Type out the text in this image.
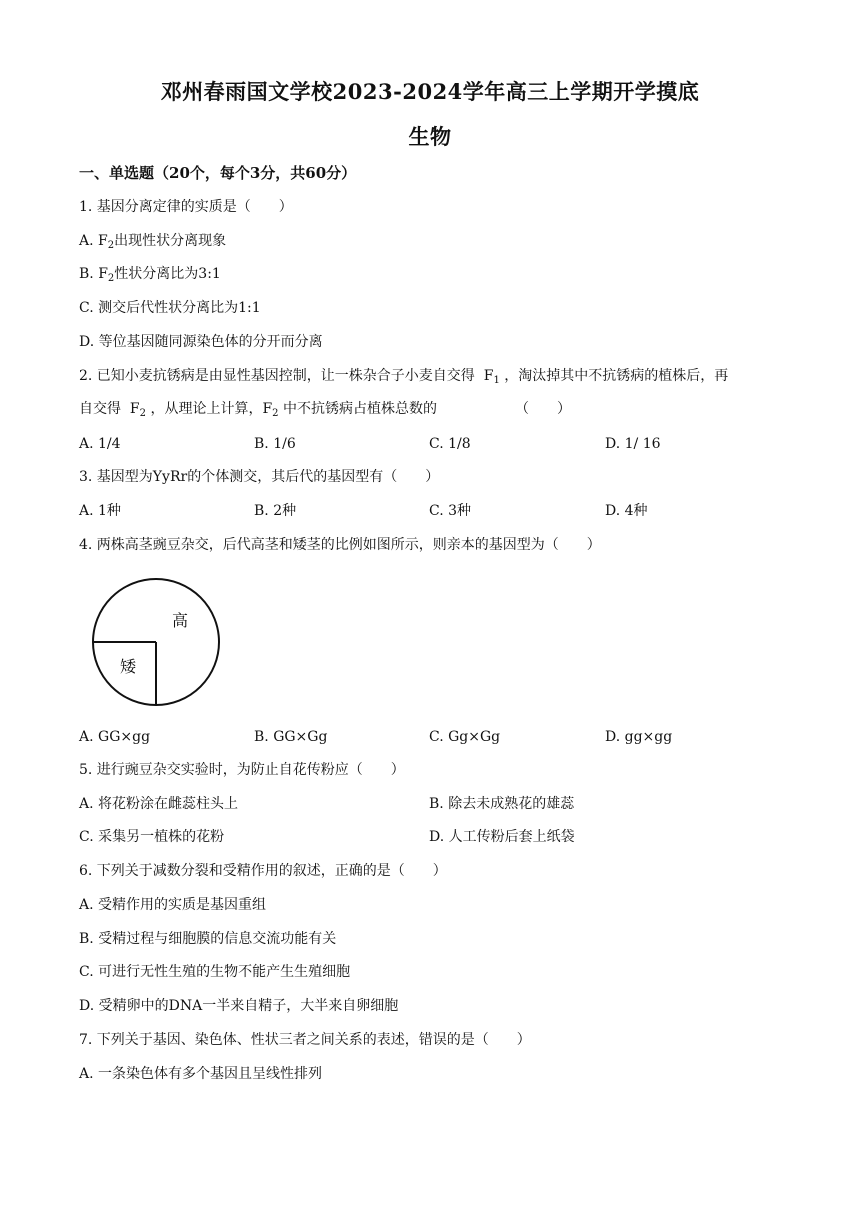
邓州春雨国文学校2023-2024学年高三上学期开学摸底
生物
一、单选题（20个，每个3分，共60分）
1. 基因分离定律的实质是（　　）
A. $F_2$出现性状分离现象
B. $F_2$性状分离比为3:1
C. 测交后代性状分离比为1:1
D. 等位基因随同源染色体的分开而分离
2. 已知小麦抗锈病是由显性基因控制，让一株杂合子小麦自交得 $F_1$ ，淘汰掉其中不抗锈病的植株后，再
自交得 $F_2$ ，从理论上计算，$F_2$ 中不抗锈病占植株总数的	（　　）
A. 1/4	B. 1/6	C. 1/8	D. 1/ 16
3. 基因型为YyRr的个体测交，其后代的基因型有（　　）
A. 1种	B. 2种	C. 3种	D. 4种
4. 两株高茎豌豆杂交，后代高茎和矮茎的比例如图所示，则亲本的基因型为（　　）
高
矮
A. GG×gg	B. GG×Gg	C. Gg×Gg	D. gg×gg
5. 进行豌豆杂交实验时，为防止自花传粉应（　　）
A. 将花粉涂在雌蕊柱头上	B. 除去未成熟花的雄蕊
C. 采集另一植株的花粉	D. 人工传粉后套上纸袋
6. 下列关于减数分裂和受精作用的叙述，正确的是（　　）
A. 受精作用的实质是基因重组
B. 受精过程与细胞膜的信息交流功能有关
C. 可进行无性生殖的生物不能产生生殖细胞
D. 受精卵中的DNA一半来自精子，大半来自卵细胞
7. 下列关于基因、染色体、性状三者之间关系的表述，错误的是（　　）
A. 一条染色体有多个基因且呈线性排列
